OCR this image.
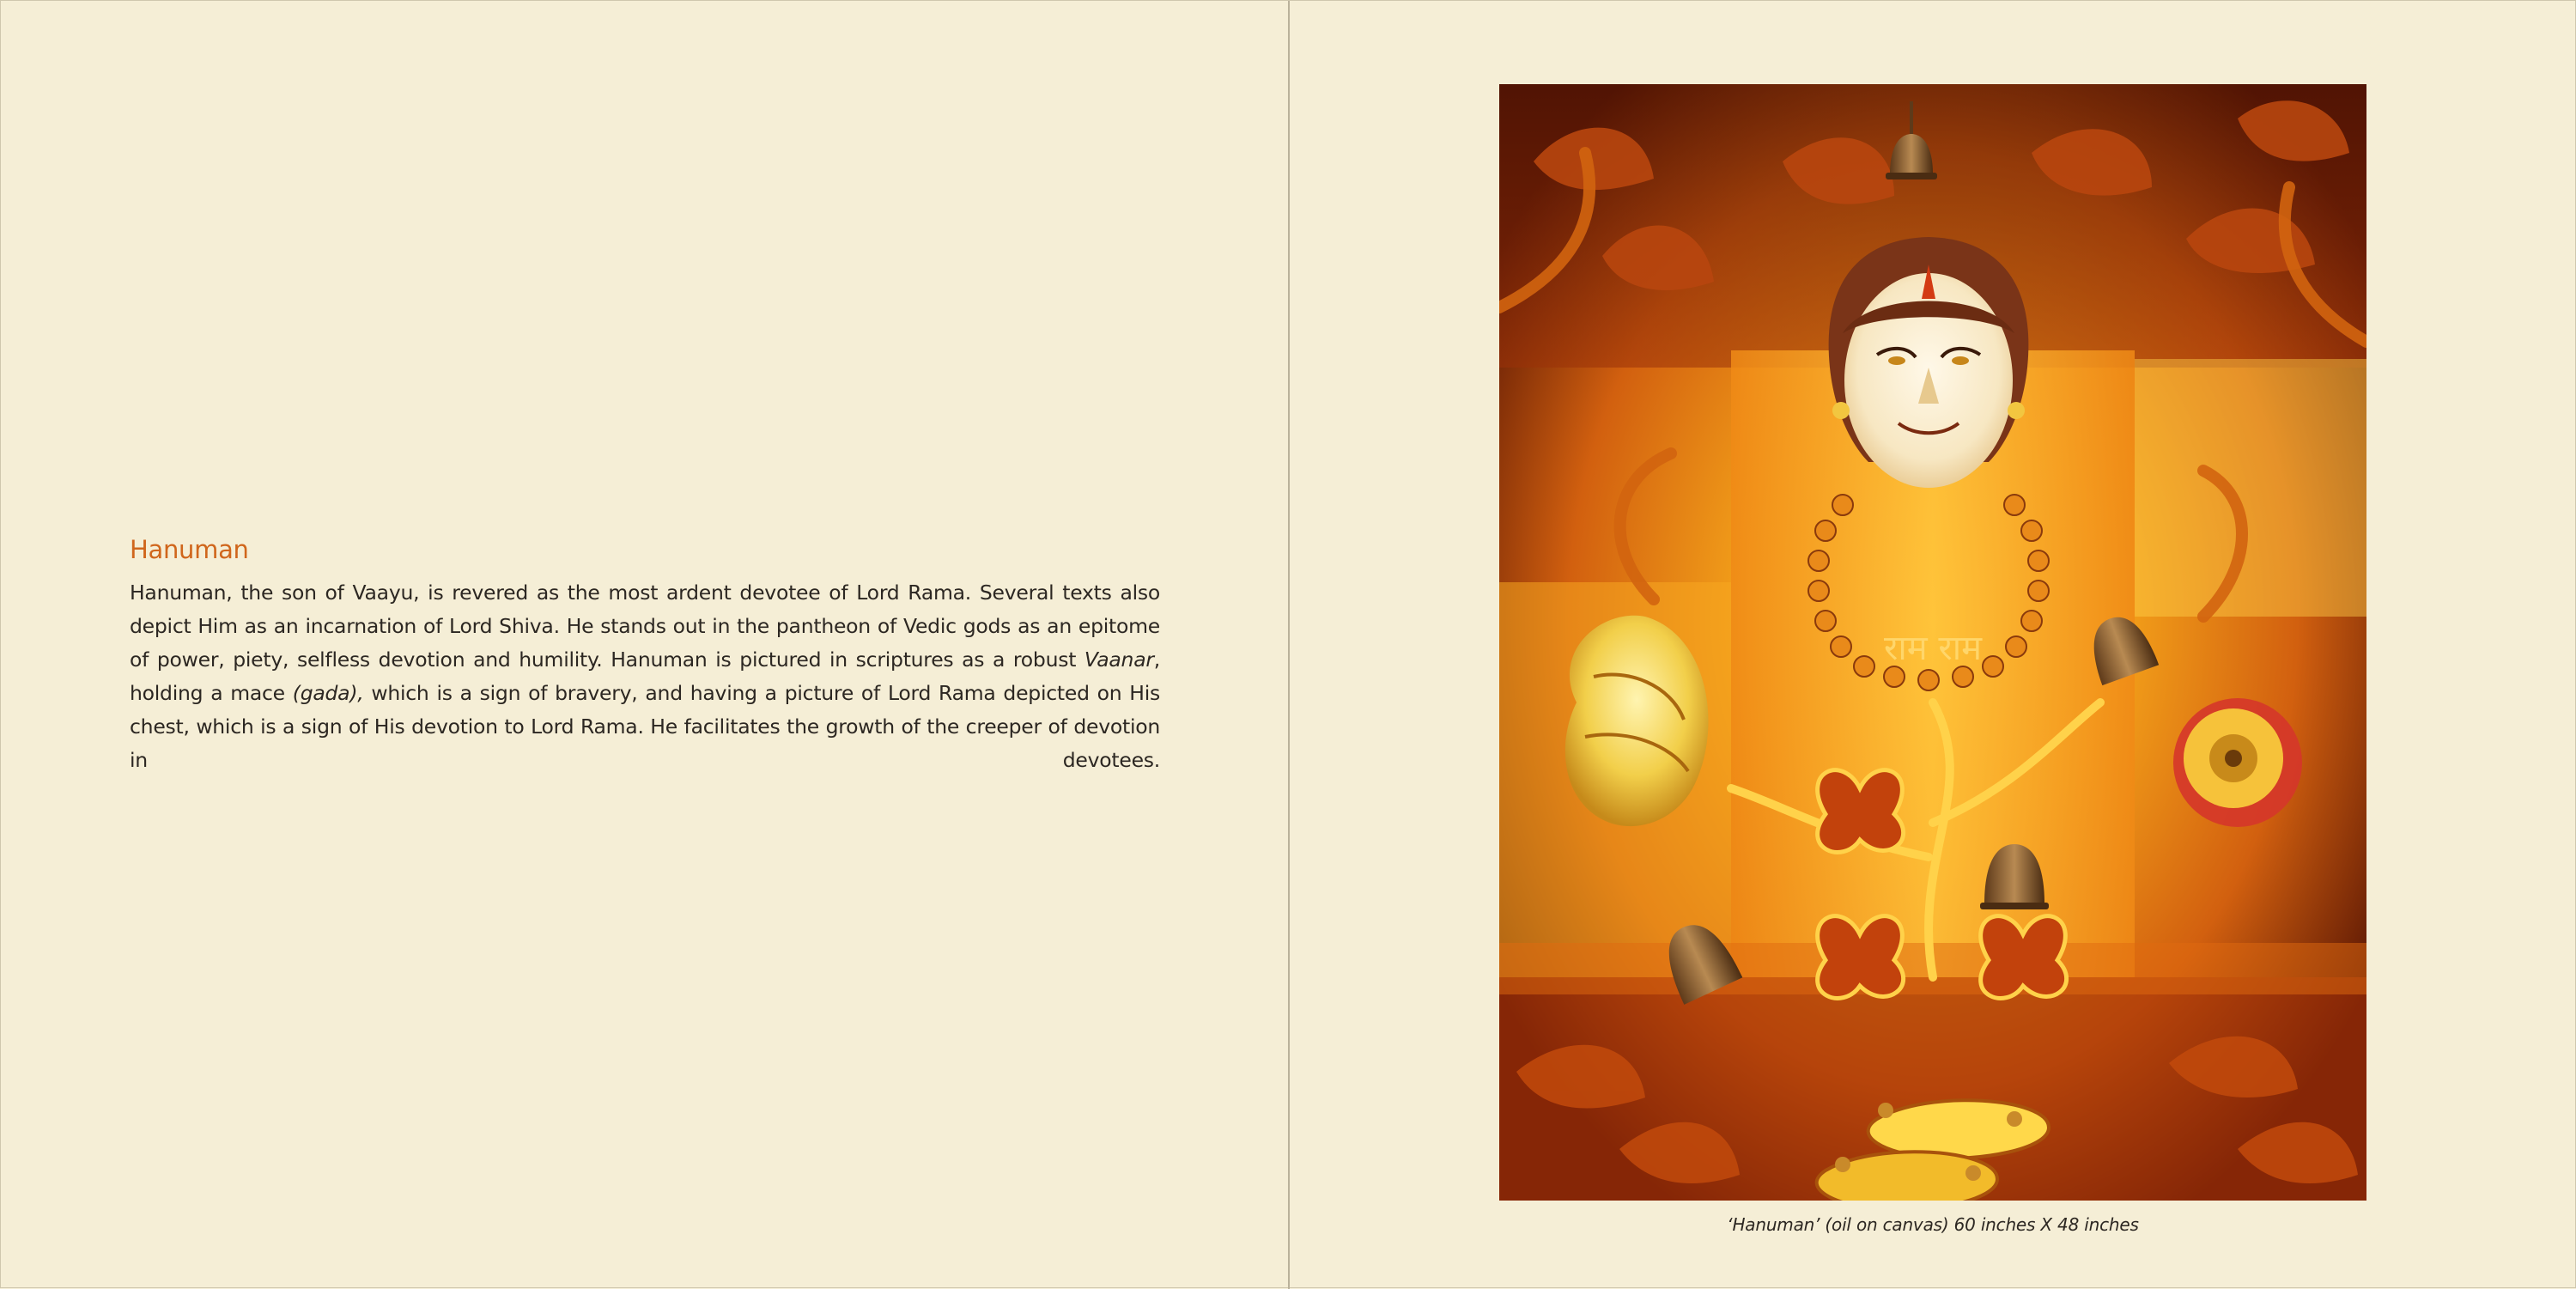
Hanuman

Hanuman, the son of Vaayu, is revered as the most ardent devotee of Lord Rama. Several texts also depict Him as an incarnation of Lord Shiva. He stands out in the pantheon of Vedic gods as an epitome of power, piety, selfless devotion and humility. Hanuman is pictured in scriptures as a robust Vaanar, holding a mace (gada), which is a sign of bravery, and having a picture of Lord Rama depicted on His chest, which is a sign of His devotion to Lord Rama. He facilitates the growth of the creeper of devotion in devotees.

राम राम
‘Hanuman’ (oil on canvas) 60 inches X 48 inches
